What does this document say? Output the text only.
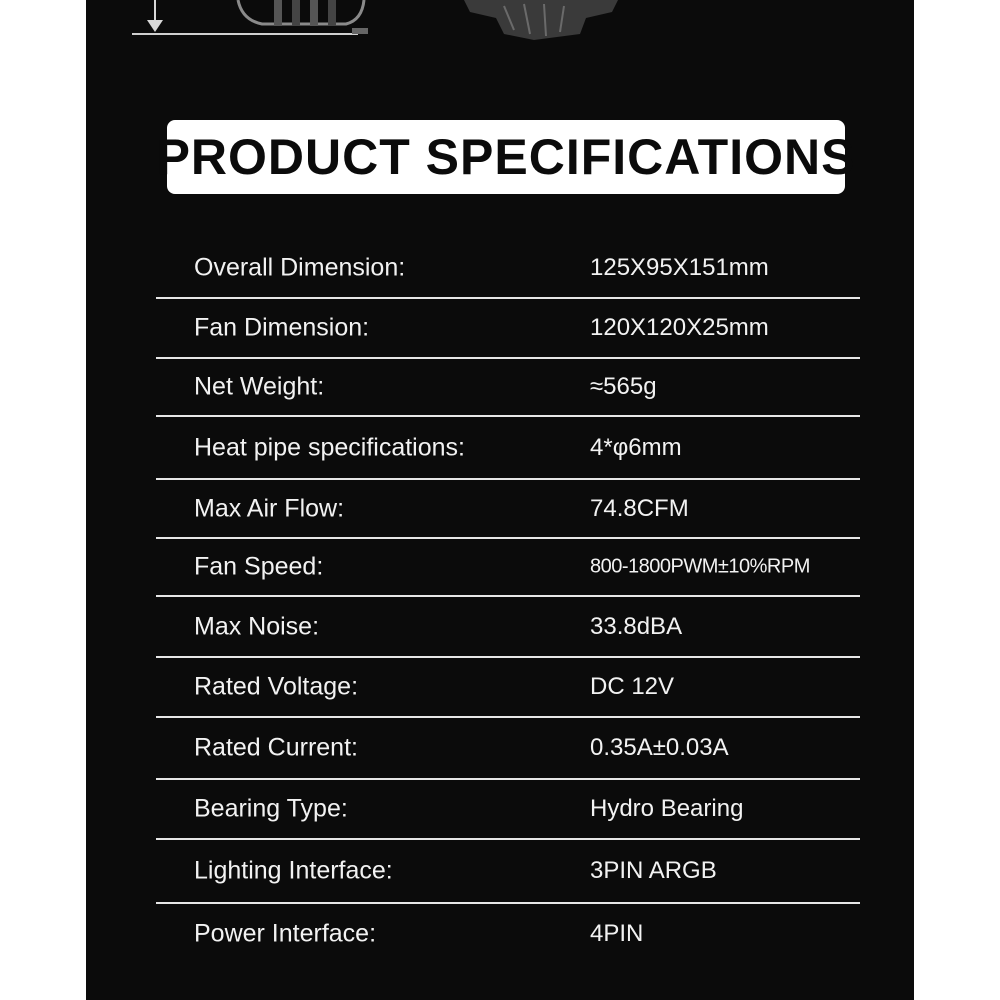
PRODUCT SPECIFICATIONS
Overall Dimension:	125X95X151mm
Fan Dimension:	120X120X25mm
Net Weight:	≈565g
Heat pipe specifications:	4*φ6mm
Max Air Flow:	74.8CFM
Fan Speed:	800-1800PWM±10%RPM
Max Noise:	33.8dBA
Rated Voltage:	DC 12V
Rated Current:	0.35A±0.03A
Bearing Type:	Hydro Bearing
Lighting Interface:	3PIN ARGB
Power Interface:	4PIN
